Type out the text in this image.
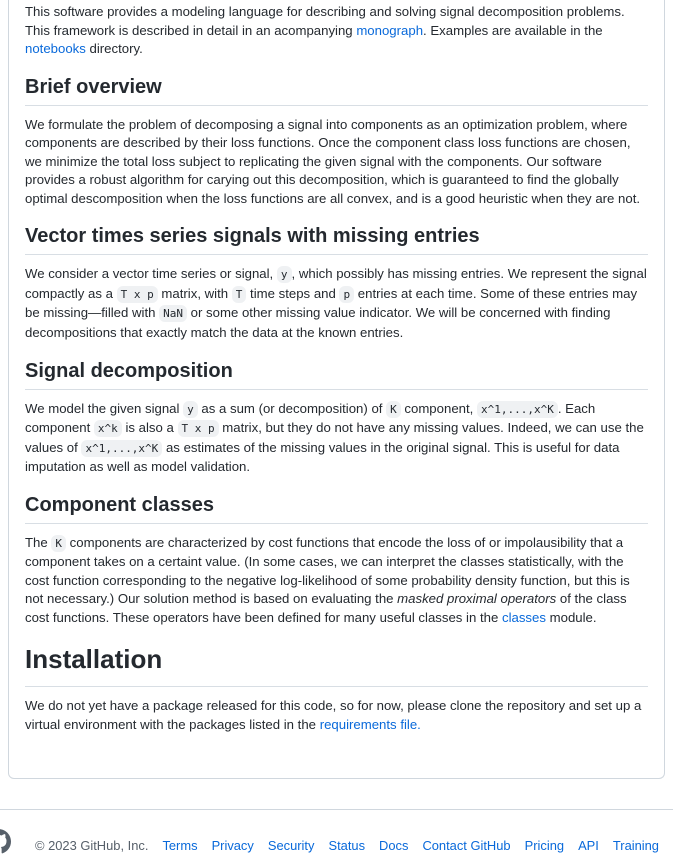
This software provides a modeling language for describing and solving signal decomposition problems. This framework is described in detail in an acompanying monograph. Examples are available in the notebooks directory.

Brief overview

We formulate the problem of decomposing a signal into components as an optimization problem, where components are described by their loss functions. Once the component class loss functions are chosen, we minimize the total loss subject to replicating the given signal with the components. Our software provides a robust algorithm for carying out this decomposition, which is guaranteed to find the globally optimal descomposition when the loss functions are all convex, and is a good heuristic when they are not.

Vector times series signals with missing entries

We consider a vector time series or signal, y , which possibly has missing entries. We represent the signal compactly as a T x p matrix, with T time steps and p entries at each time. Some of these entries may be missing—filled with NaN or some other missing value indicator. We will be concerned with finding decompositions that exactly match the data at the known entries.

Signal decomposition

We model the given signal y as a sum (or decomposition) of K component, x^1,...,x^K . Each component x^k is also a T x p matrix, but they do not have any missing values. Indeed, we can use the values of x^1,...,x^K as estimates of the missing values in the original signal. This is useful for data imputation as well as model validation.

Component classes

The K components are characterized by cost functions that encode the loss of or impolausibility that a component takes on a certaint value. (In some cases, we can interpret the classes statistically, with the cost function corresponding to the negative log-likelihood of some probability density function, but this is not necessary.) Our solution method is based on evaluating the masked proximal operators of the class cost functions. These operators have been defined for many useful classes in the classes module.

Installation

We do not yet have a package released for this code, so for now, please clone the repository and set up a virtual environment with the packages listed in the requirements file.

© 2023 GitHub, Inc. Terms Privacy Security Status Docs Contact GitHub Pricing API Training
